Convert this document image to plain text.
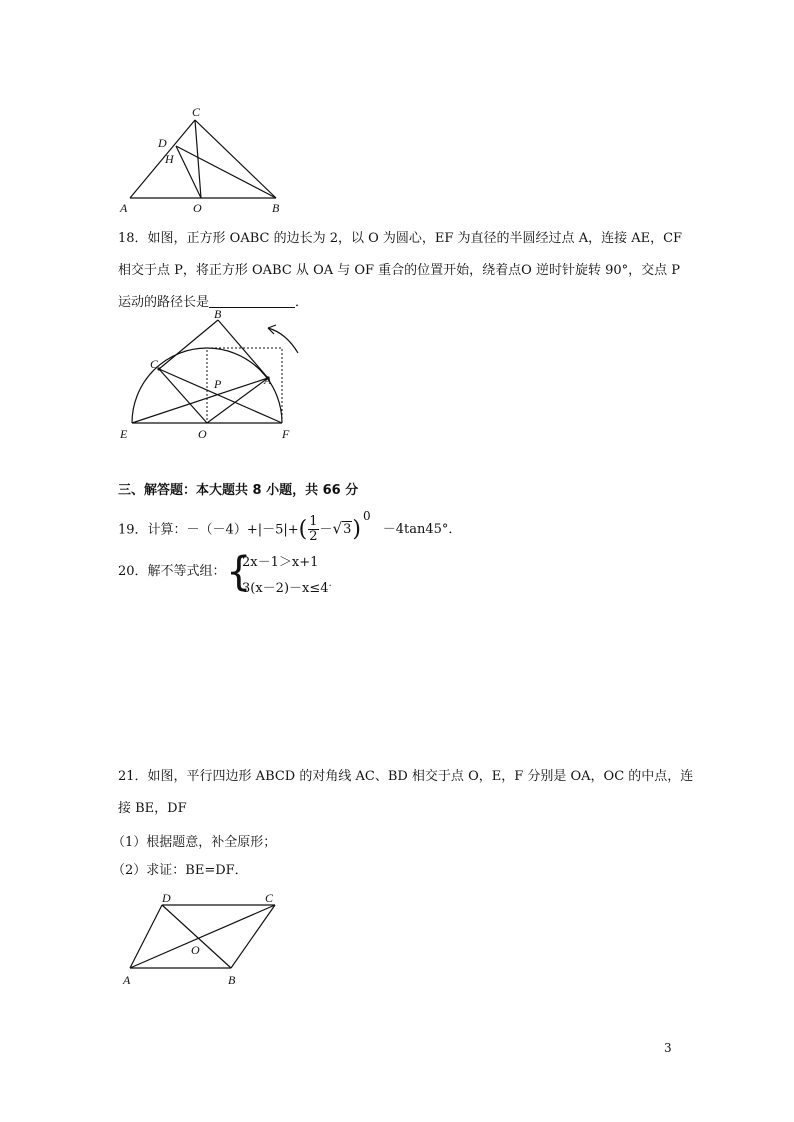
C
D
H
A	O	B
18．如图，正方形 OABC 的边长为 2，以 O 为圆心，EF 为直径的半圆经过点 A，连接 AE，CF
相交于点 P，将正方形 OABC 从 OA 与 OF 重合的位置开始，绕着点O 逆时针旋转 90°，交点 P
运动的路径长是	．
B
C
P	A
E	O	F
三、解答题：本大题共 8 小题，共 66 分
19．计算：$-(-4)+|-5|+( \frac{1}{2} -√3)^0 -4\tan 45^\circ$．
20．解不等式组： {
2x－1＞x+1
3(x－2)－x≤4.
21．如图，平行四边形 ABCD 的对角线 AC、BD 相交于点 O，E，F 分别是 OA，OC 的中点，连
接 BE，DF
（1）根据题意，补全原形；
（2）求证：BE=DF．
D	C
O
A	B
3
